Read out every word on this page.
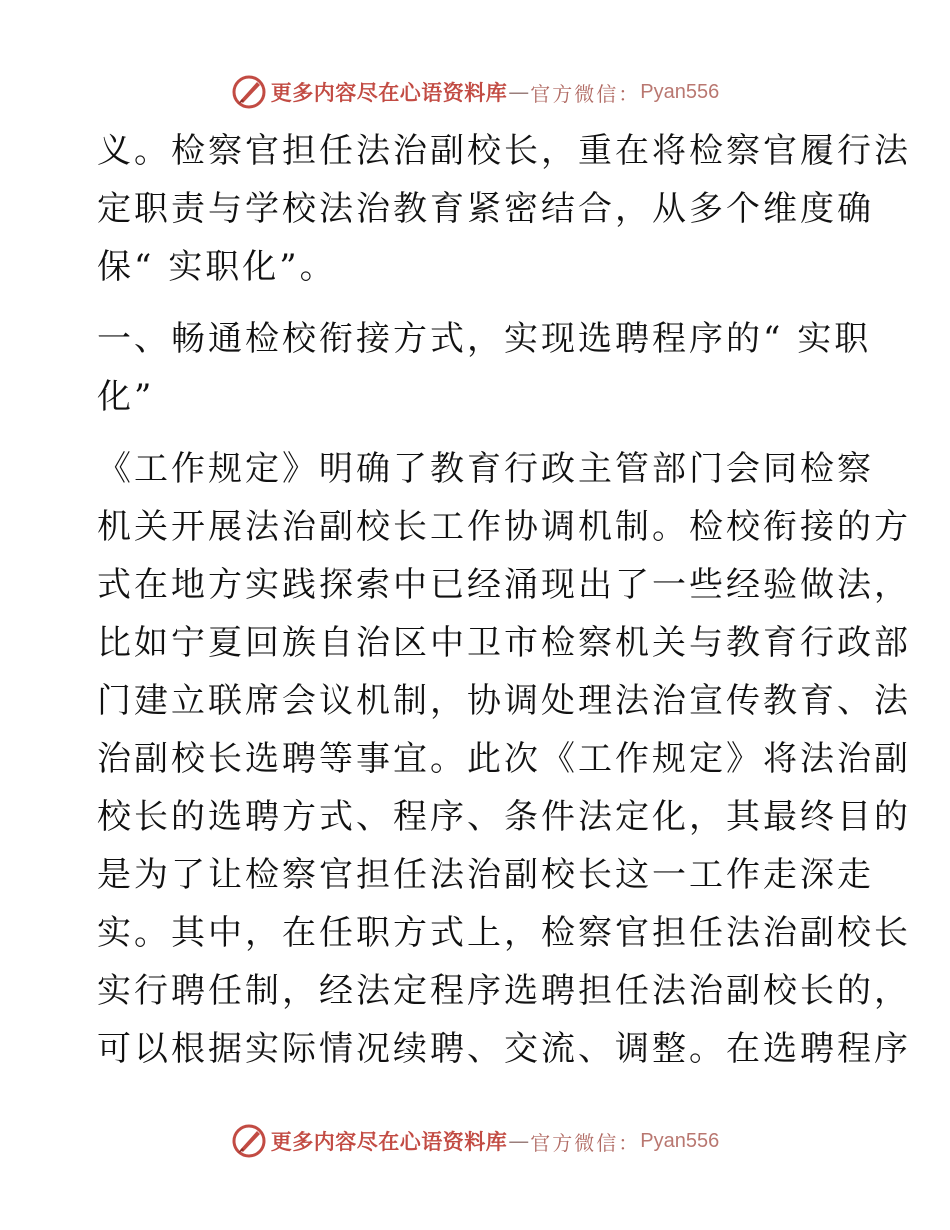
更多内容尽在心语资料库 — 官方微信： Pyan556
义。检察官担任法治副校长，重在将检察官履行法
定职责与学校法治教育紧密结合，从多个维度确
保“ 实职化”。
一、畅通检校衔接方式，实现选聘程序的“ 实职
化”
《工作规定》明确了教育行政主管部门会同检察
机关开展法治副校长工作协调机制。检校衔接的方
式在地方实践探索中已经涌现出了一些经验做法，
比如宁夏回族自治区中卫市检察机关与教育行政部
门建立联席会议机制，协调处理法治宣传教育、法
治副校长选聘等事宜。此次《工作规定》将法治副
校长的选聘方式、程序、条件法定化，其最终目的
是为了让检察官担任法治副校长这一工作走深走
实。其中，在任职方式上，检察官担任法治副校长
实行聘任制，经法定程序选聘担任法治副校长的，
可以根据实际情况续聘、交流、调整。在选聘程序
更多内容尽在心语资料库 — 官方微信： Pyan556
